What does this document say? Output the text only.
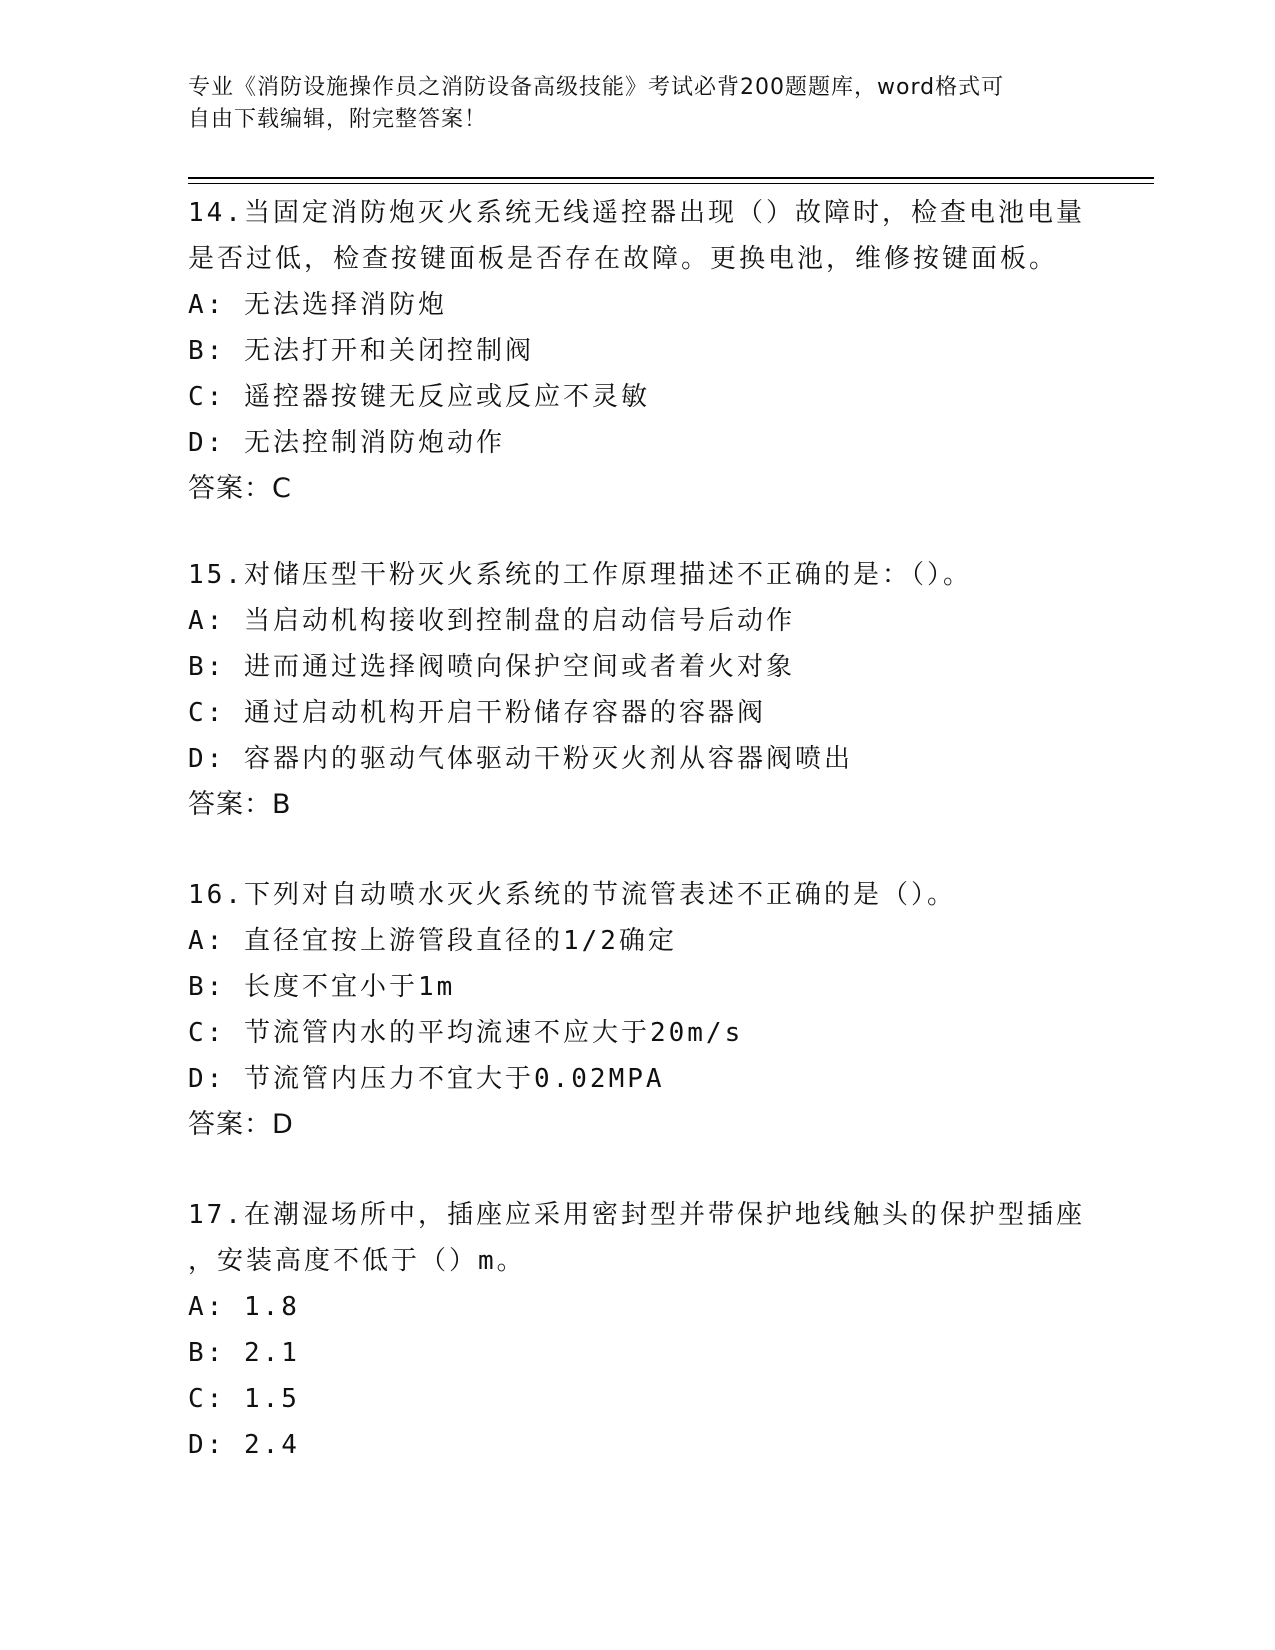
专业《消防设施操作员之消防设备高级技能》考试必背200题题库，word格式可
自由下载编辑，附完整答案！

14.当固定消防炮灭火系统无线遥控器出现（）故障时，检查电池电量

是否过低，检查按键面板是否存在故障。更换电池，维修按键面板。

A: 无法选择消防炮

B: 无法打开和关闭控制阀

C: 遥控器按键无反应或反应不灵敏

D: 无法控制消防炮动作

答案：C

15.对储压型干粉灭火系统的工作原理描述不正确的是：（）。

A: 当启动机构接收到控制盘的启动信号后动作

B: 进而通过选择阀喷向保护空间或者着火对象

C: 通过启动机构开启干粉储存容器的容器阀

D: 容器内的驱动气体驱动干粉灭火剂从容器阀喷出

答案：B

16.下列对自动喷水灭火系统的节流管表述不正确的是（）。

A: 直径宜按上游管段直径的1/2确定

B: 长度不宜小于1m

C: 节流管内水的平均流速不应大于20m/s

D: 节流管内压力不宜大于0.02MPA

答案：D

17.在潮湿场所中，插座应采用密封型并带保护地线触头的保护型插座

，安装高度不低于（）m。

A: 1.8

B: 2.1

C: 1.5

D: 2.4
